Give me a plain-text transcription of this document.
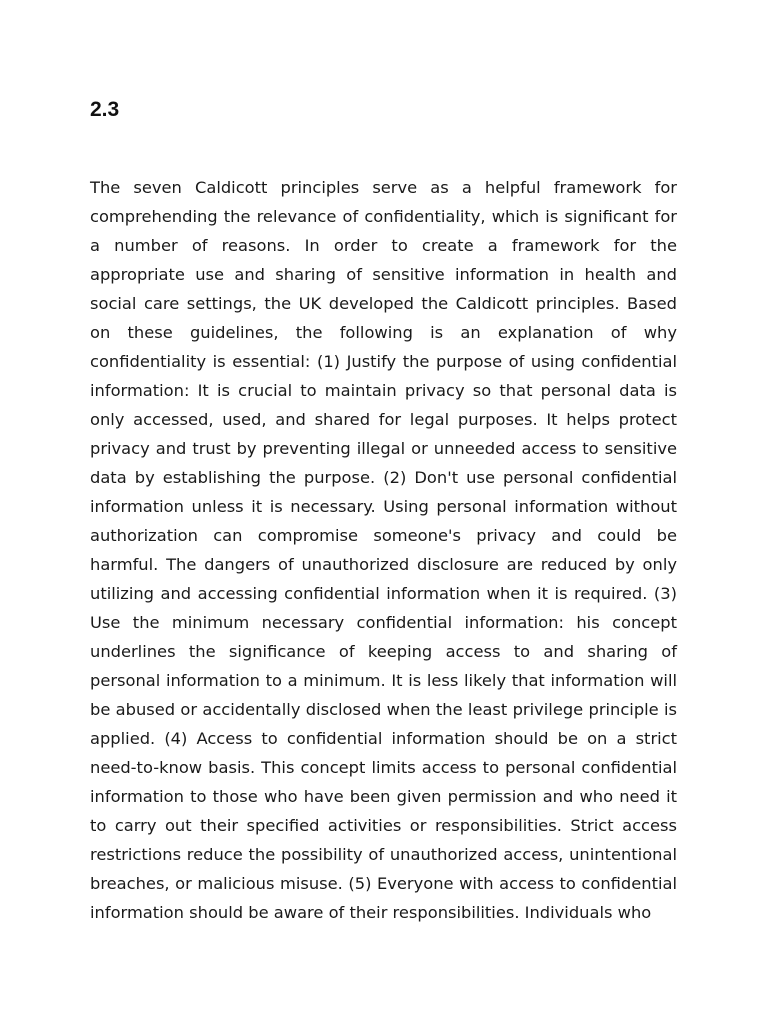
2.3

The seven Caldicott principles serve as a helpful framework for comprehending the relevance of confidentiality, which is significant for a number of reasons. In order to create a framework for the appropriate use and sharing of sensitive information in health and social care settings, the UK developed the Caldicott principles. Based on these guidelines, the following is an explanation of why confidentiality is essential: (1) Justify the purpose of using confidential information: It is crucial to maintain privacy so that personal data is only accessed, used, and shared for legal purposes. It helps protect privacy and trust by preventing illegal or unneeded access to sensitive data by establishing the purpose. (2) Don't use personal confidential information unless it is necessary. Using personal information without authorization can compromise someone's privacy and could be harmful. The dangers of unauthorized disclosure are reduced by only utilizing and accessing confidential information when it is required. (3) Use the minimum necessary confidential information: his concept underlines the significance of keeping access to and sharing of personal information to a minimum. It is less likely that information will be abused or accidentally disclosed when the least privilege principle is applied. (4) Access to confidential information should be on a strict need-to-know basis. This concept limits access to personal confidential information to those who have been given permission and who need it to carry out their specified activities or responsibilities. Strict access restrictions reduce the possibility of unauthorized access, unintentional breaches, or malicious misuse. (5) Everyone with access to confidential information should be aware of their responsibilities. Individuals who
